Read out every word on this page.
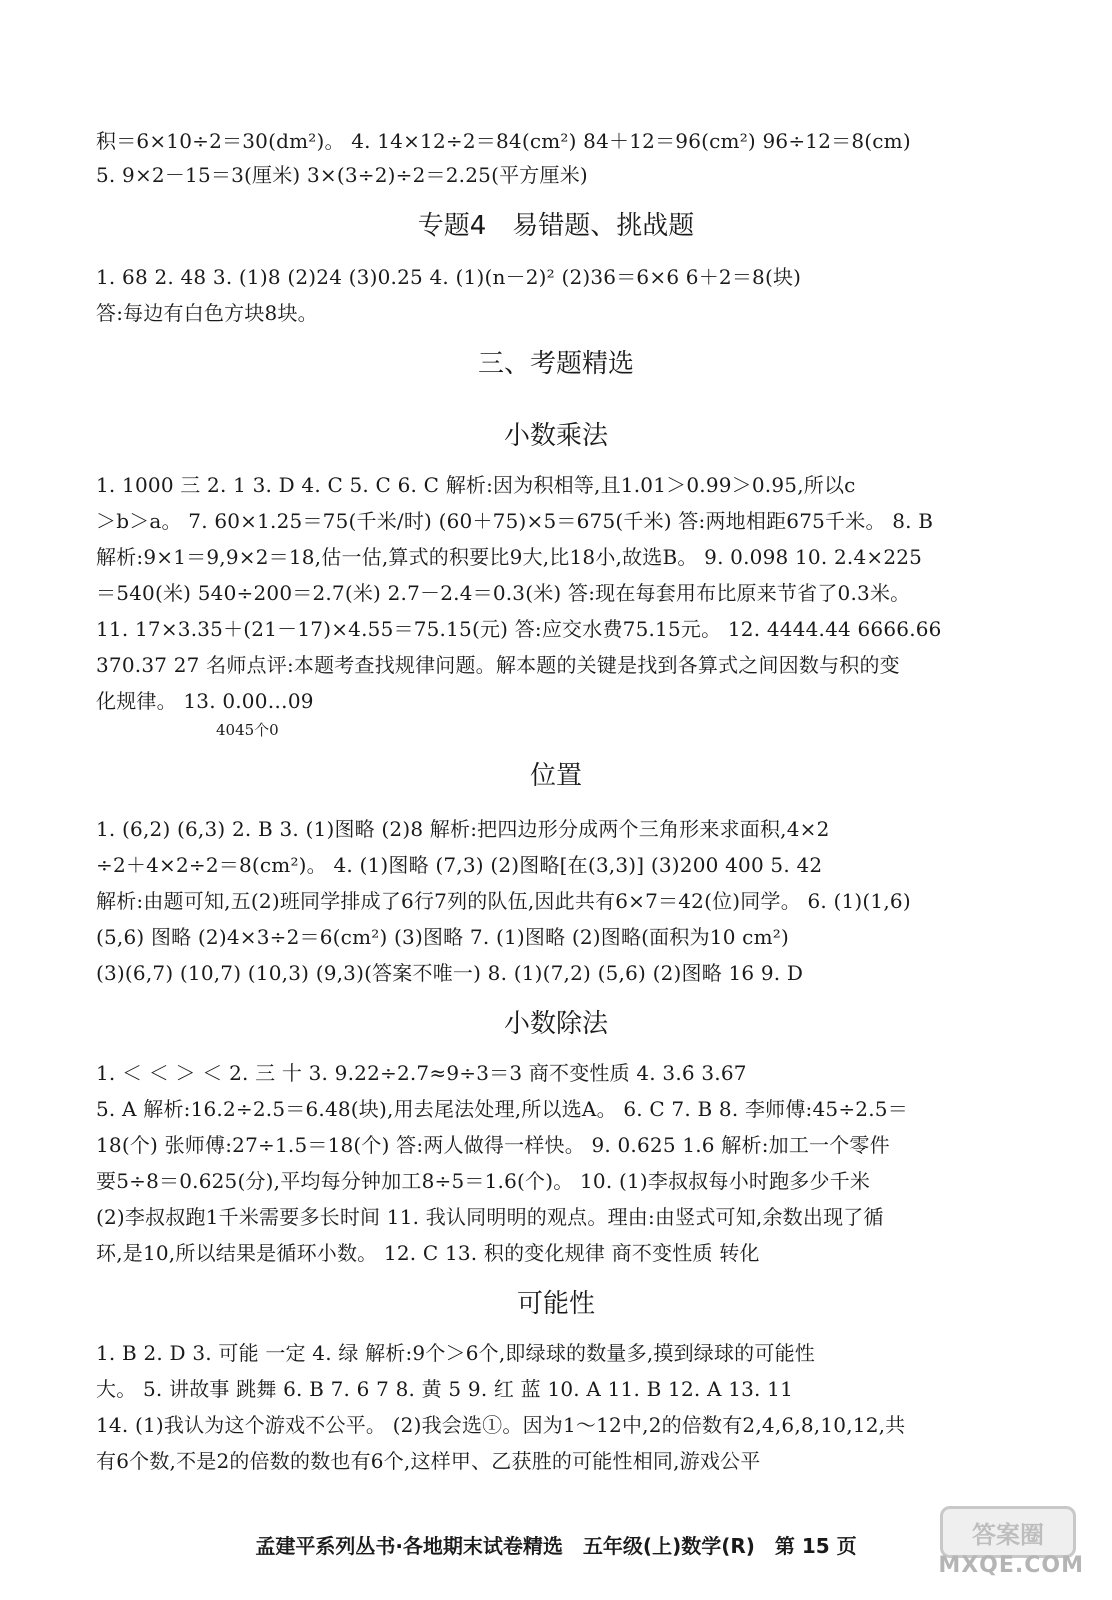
积＝6×10÷2＝30(dm²)。 4. 14×12÷2＝84(cm²) 84＋12＝96(cm²) 96÷12＝8(cm)
5. 9×2－15＝3(厘米) 3×(3÷2)÷2＝2.25(平方厘米)
专题4　易错题、挑战题
1. 68 2. 48 3. (1)8 (2)24 (3)0.25 4. (1)(n－2)² (2)36＝6×6 6＋2＝8(块)
答:每边有白色方块8块。
三、考题精选
小数乘法
1. 1000 三 2. 1 3. D 4. C 5. C 6. C 解析:因为积相等,且1.01＞0.99＞0.95,所以c
＞b＞a。 7. 60×1.25＝75(千米/时) (60＋75)×5＝675(千米) 答:两地相距675千米。 8. B
解析:9×1＝9,9×2＝18,估一估,算式的积要比9大,比18小,故选B。 9. 0.098 10. 2.4×225
＝540(米) 540÷200＝2.7(米) 2.7－2.4＝0.3(米) 答:现在每套用布比原来节省了0.3米。
11. 17×3.35＋(21－17)×4.55＝75.15(元) 答:应交水费75.15元。 12. 4444.44 6666.66
370.37 27 名师点评:本题考查找规律问题。解本题的关键是找到各算式之间因数与积的变
化规律。 13. 0.00…09
4045个0
位置
1. (6,2) (6,3) 2. B 3. (1)图略 (2)8 解析:把四边形分成两个三角形来求面积,4×2
÷2＋4×2÷2＝8(cm²)。 4. (1)图略 (7,3) (2)图略[在(3,3)] (3)200 400 5. 42
解析:由题可知,五(2)班同学排成了6行7列的队伍,因此共有6×7＝42(位)同学。 6. (1)(1,6)
(5,6) 图略 (2)4×3÷2＝6(cm²) (3)图略 7. (1)图略 (2)图略(面积为10 cm²)
(3)(6,7) (10,7) (10,3) (9,3)(答案不唯一) 8. (1)(7,2) (5,6) (2)图略 16 9. D
小数除法
1. ＜ ＜ ＞ ＜ 2. 三 十 3. 9.22÷2.7≈9÷3＝3 商不变性质 4. 3.6̇ 3.67
5. A 解析:16.2÷2.5＝6.48(块),用去尾法处理,所以选A。 6. C 7. B 8. 李师傅:45÷2.5＝
18(个) 张师傅:27÷1.5＝18(个) 答:两人做得一样快。 9. 0.625 1.6 解析:加工一个零件
要5÷8＝0.625(分),平均每分钟加工8÷5＝1.6(个)。 10. (1)李叔叔每小时跑多少千米
(2)李叔叔跑1千米需要多长时间 11. 我认同明明的观点。理由:由竖式可知,余数出现了循
环,是10,所以结果是循环小数。 12. C 13. 积的变化规律 商不变性质 转化
可能性
1. B 2. D 3. 可能 一定 4. 绿 解析:9个＞6个,即绿球的数量多,摸到绿球的可能性
大。 5. 讲故事 跳舞 6. B 7. 6 7 8. 黄 5 9. 红 蓝 10. A 11. B 12. A 13. 11
14. (1)我认为这个游戏不公平。 (2)我会选①。因为1～12中,2的倍数有2,4,6,8,10,12,共
有6个数,不是2的倍数的数也有6个,这样甲、乙获胜的可能性相同,游戏公平
孟建平系列丛书·各地期末试卷精选　五年级(上)数学(R)　第 15 页	答案圈
MXQE.COM
